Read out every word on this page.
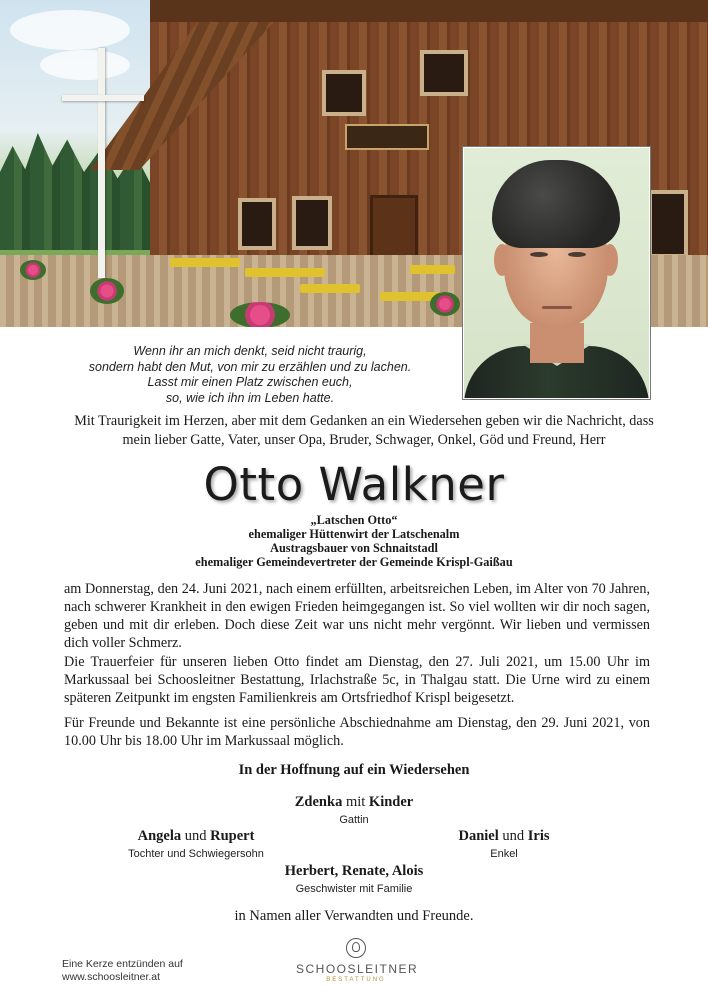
Wenn ihr an mich denkt, seid nicht traurig,
sondern habt den Mut, von mir zu erzählen und zu lachen.
Lasst mir einen Platz zwischen euch,
so, wie ich ihn im Leben hatte.
Mit Traurigkeit im Herzen, aber mit dem Gedanken an ein Wiedersehen geben wir die Nachricht, dass mein lieber Gatte, Vater, unser Opa, Bruder, Schwager, Onkel, Göd und Freund, Herr
Otto Walkner
„Latschen Otto“
ehemaliger Hüttenwirt der Latschenalm
Austragsbauer von Schnaitstadl
ehemaliger Gemeindevertreter der Gemeinde Krispl-Gaißau
am Donnerstag, den 24. Juni 2021, nach einem erfüllten, arbeitsreichen Leben, im Alter von 70 Jahren, nach schwerer Krankheit in den ewigen Frieden heimgegangen ist. So viel wollten wir dir noch sagen, geben und mit dir erleben. Doch diese Zeit war uns nicht mehr vergönnt. Wir lieben und vermissen dich voller Schmerz.
Die Trauerfeier für unseren lieben Otto findet am Dienstag, den 27. Juli 2021, um 15.00 Uhr im Markussaal bei Schoosleitner Bestattung, Irlachstraße 5c, in Thalgau statt. Die Urne wird zu einem späteren Zeitpunkt im engsten Familienkreis am Ortsfriedhof Krispl beigesetzt.
Für Freunde und Bekannte ist eine persönliche Abschiednahme am Dienstag, den 29. Juni 2021, von 10.00 Uhr bis 18.00 Uhr im Markussaal möglich.
In der Hoffnung auf ein Wiedersehen
Zdenka mit Kinder
Gattin
Angela und Rupert
Tochter und Schwiegersohn
Daniel und Iris
Enkel
Herbert, Renate, Alois
Geschwister mit Familie
in Namen aller Verwandten und Freunde.
Eine Kerze entzünden auf
www.schoosleitner.at
SCHOOSLEITNER
BESTATTUNG
